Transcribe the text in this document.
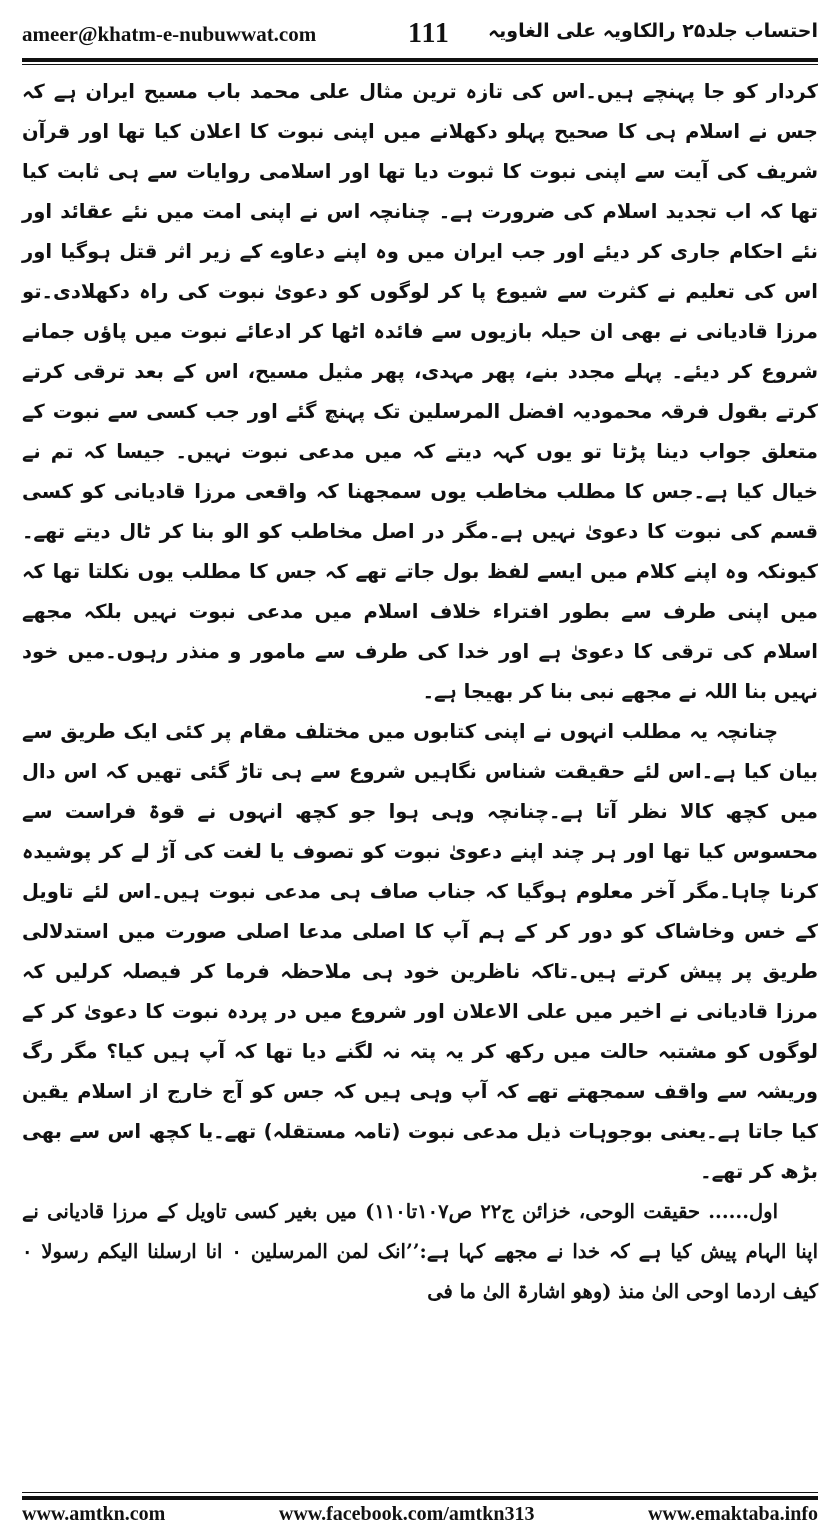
ameer@khatm-e-nubuwwat.com	111 احتساب جلد۲۵ رالکاویہ علی الغاویہ

کردار کو جا پہنچے ہیں۔اس کی تازہ ترین مثال علی محمد باب مسیح ایران ہے کہ جس نے اسلام ہی کا صحیح پہلو دکھلانے میں اپنی نبوت کا اعلان کیا تھا اور قرآن شریف کی آیت سے اپنی نبوت کا ثبوت دیا تھا اور اسلامی روایات سے ہی ثابت کیا تھا کہ اب تجدید اسلام کی ضرورت ہے۔ چنانچہ اس نے اپنی امت میں نئے عقائد اور نئے احکام جاری کر دیئے اور جب ایران میں وہ اپنے دعاوے کے زیر اثر قتل ہوگیا اور اس کی تعلیم نے کثرت سے شیوع پا کر لوگوں کو دعویٰ نبوت کی راہ دکھلادی۔تو مرزا قادیانی نے بھی ان حیلہ بازیوں سے فائدہ اٹھا کر ادعائے نبوت میں پاؤں جمانے شروع کر دیئے۔ پہلے مجدد بنے، پھر مہدی، پھر مثیل مسیح، اس کے بعد ترقی کرتے کرتے بقول فرقہ محمودیہ افضل المرسلین تک پہنچ گئے اور جب کسی سے نبوت کے متعلق جواب دینا پڑتا تو یوں کہہ دیتے کہ میں مدعی نبوت نہیں۔ جیسا کہ تم نے خیال کیا ہے۔جس کا مطلب مخاطب یوں سمجھنا کہ واقعی مرزا قادیانی کو کسی قسم کی نبوت کا دعویٰ نہیں ہے۔مگر در اصل مخاطب کو الو بنا کر ٹال دیتے تھے۔ کیونکہ وہ اپنے کلام میں ایسے لفظ بول جاتے تھے کہ جس کا مطلب یوں نکلتا تھا کہ میں اپنی طرف سے بطور افتراء خلاف اسلام میں مدعی نبوت نہیں بلکہ مجھے اسلام کی ترقی کا دعویٰ ہے اور خدا کی طرف سے مامور و منذر رہوں۔میں خود نہیں بنا اللہ نے مجھے نبی بنا کر بھیجا ہے۔

چنانچہ یہ مطلب انہوں نے اپنی کتابوں میں مختلف مقام پر کئی ایک طریق سے بیان کیا ہے۔اس لئے حقیقت شناس نگاہیں شروع سے ہی تاڑ گئی تھیں کہ اس دال میں کچھ کالا نظر آتا ہے۔چنانچہ وہی ہوا جو کچھ انہوں نے قوۃ فراست سے محسوس کیا تھا اور ہر چند اپنے دعویٰ نبوت کو تصوف یا لغت کی آڑ لے کر پوشیدہ کرنا چاہا۔مگر آخر معلوم ہوگیا کہ جناب صاف ہی مدعی نبوت ہیں۔اس لئے تاویل کے خس وخاشاک کو دور کر کے ہم آپ کا اصلی مدعا اصلی صورت میں استدلالی طریق پر پیش کرتے ہیں۔تاکہ ناظرین خود ہی ملاحظہ فرما کر فیصلہ کرلیں کہ مرزا قادیانی نے اخیر میں علی الاعلان اور شروع میں در پردہ نبوت کا دعویٰ کر کے لوگوں کو مشتبہ حالت میں رکھ کر یہ پتہ نہ لگنے دیا تھا کہ آپ ہیں کیا؟ مگر رگ وریشہ سے واقف سمجھتے تھے کہ آپ وہی ہیں کہ جس کو آج خارج از اسلام یقین کیا جاتا ہے۔یعنی بوجوہات ذیل مدعی نبوت (تامہ مستقلہ) تھے۔یا کچھ اس سے بھی بڑھ کر تھے۔

اول...... حقیقت الوحی، خزائن ج۲۲ ص۱۰۷تا۱۱۰) میں بغیر کسی تاویل کے مرزا قادیانی نے اپنا الہام پیش کیا ہے کہ خدا نے مجھے کہا ہے:’’انک لمن المرسلین ۰ انا ارسلنا الیکم رسولا ۰ کیف اردما اوحی الیٰ منذ (وھو اشارۃ الیٰ ما فی

www.amtkn.com	www.facebook.com/amtkn313	www.emaktaba.info
